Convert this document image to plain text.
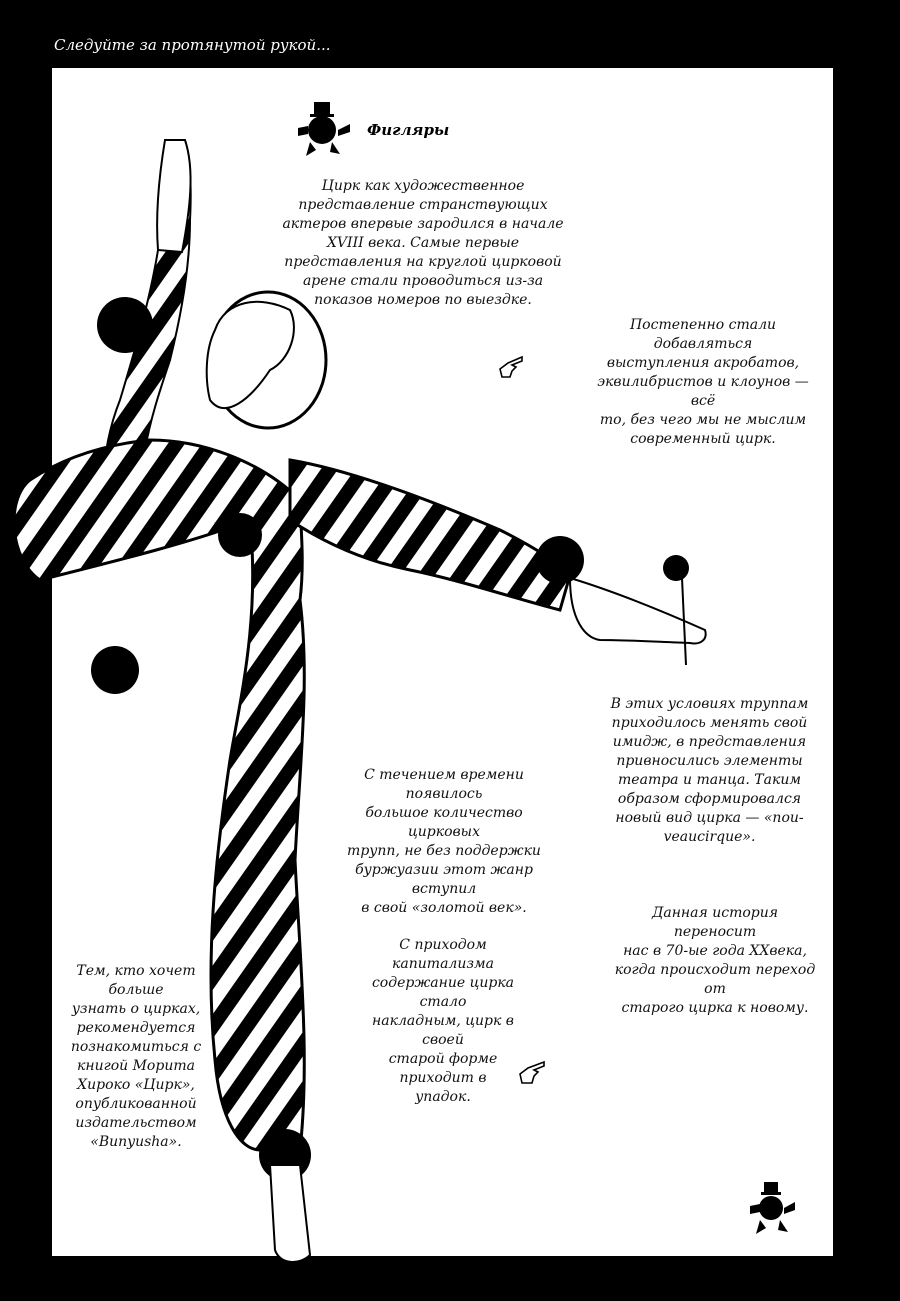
Следуйте за протянутой рукой...
Фигляры
Цирк как художественное
представление странствующих
актеров впервые зародился в начале
XVIII века. Самые первые
представления на круглой цирковой
арене стали проводиться из-за
показов номеров по выездке.
Постепенно стали добавляться
выступления акробатов,
эквилибристов и клоунов — всё
то, без чего мы не мыслим
современный цирк.
В этих условиях труппам
приходилось менять свой
имидж, в представления
привносились элементы
театра и танца. Таким
образом сформировался
новый вид цирка — «nou-
veaucirque».
С течением времени появилось
большое количество цирковых
трупп, не без поддержки
буржуазии этот жанр вступил
в свой «золотой век».	Данная история переносит
нас в 70-ые года XXвека,
когда происходит переход от
старого цирка к новому.
С приходом капитализма
содержание цирка стало
накладным, цирк в своей
старой форме приходит в
упадок.
Тем, кто хочет больше
узнать о цирках,
рекомендуется
познакомиться с
книгой Морита
Хироко «Цирк»,
опубликованной
издательством
«Bunyusha».
